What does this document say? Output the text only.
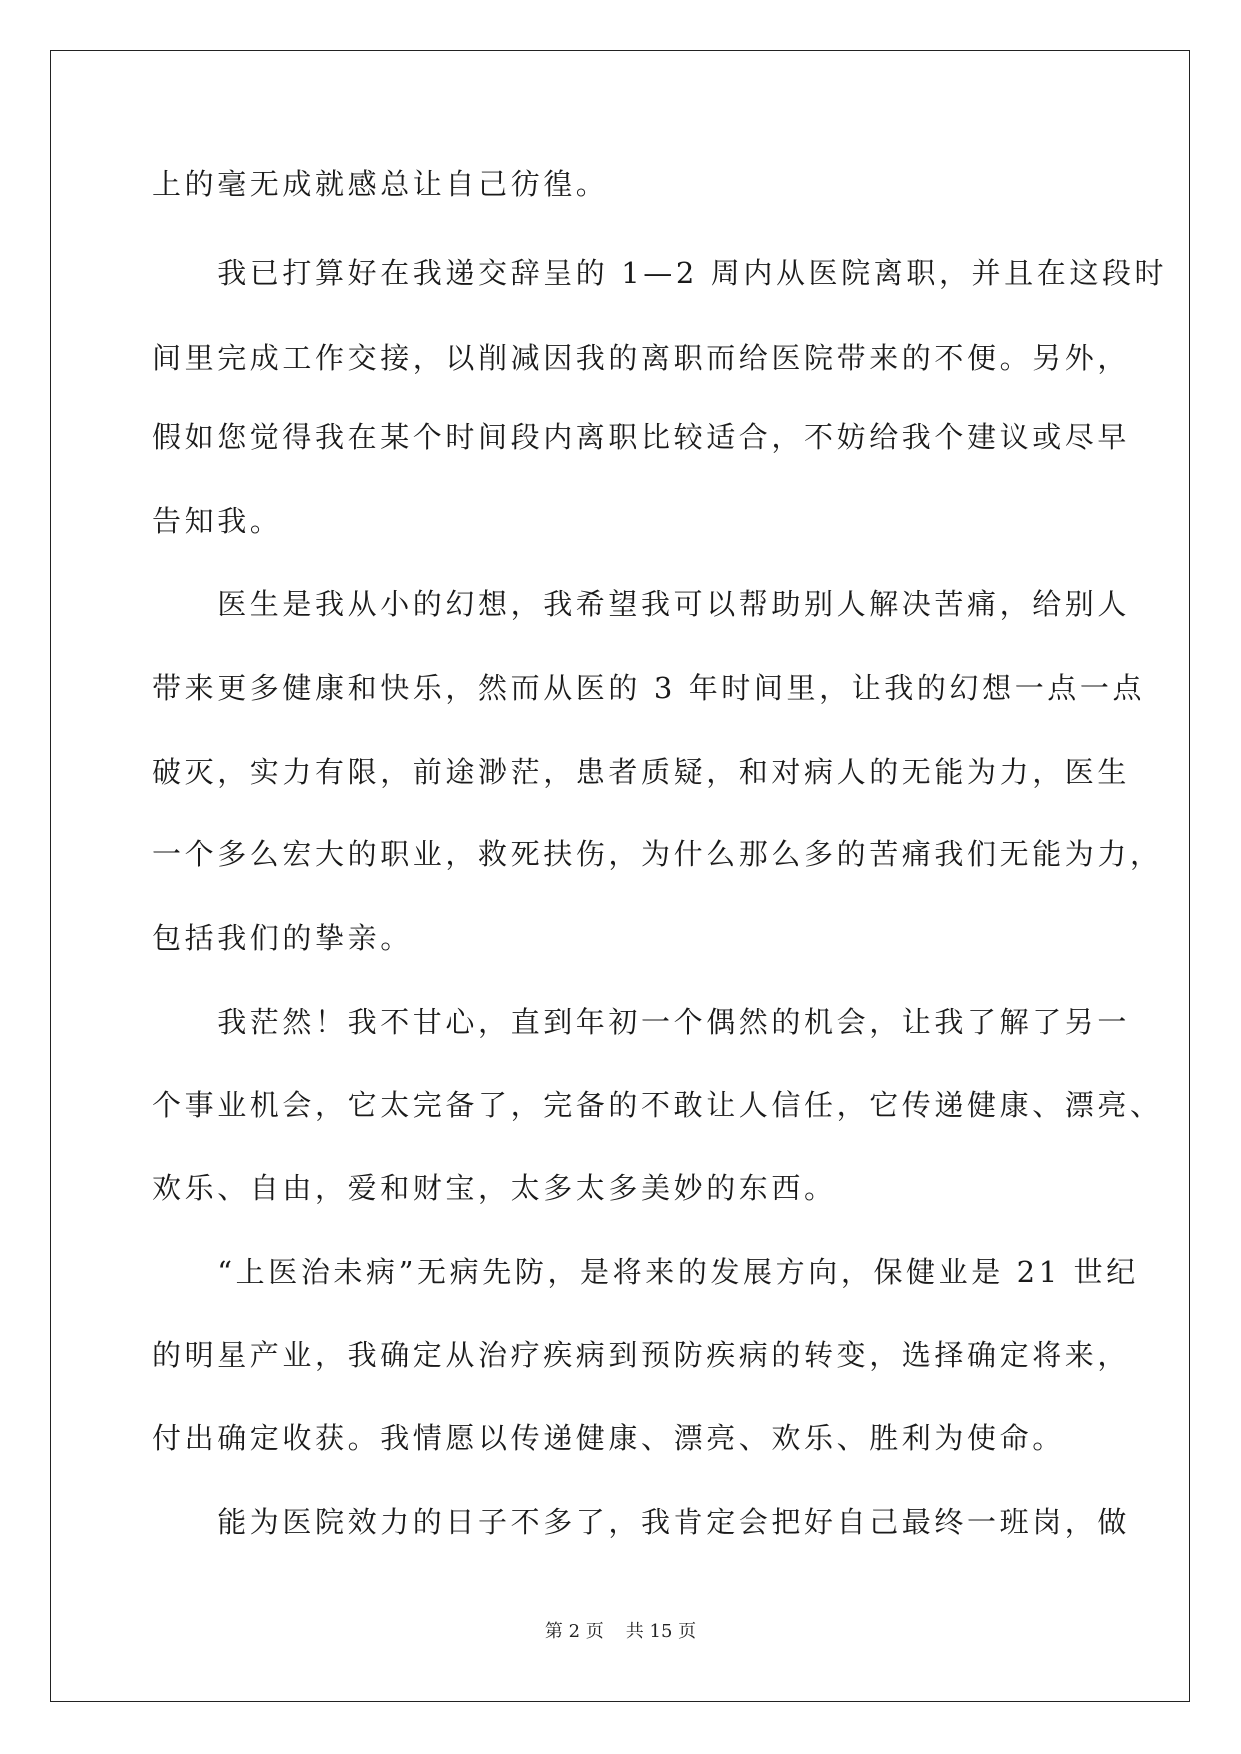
上的毫无成就感总让自己彷徨。
　　我已打算好在我递交辞呈的 1—2 周内从医院离职，并且在这段时
间里完成工作交接，以削减因我的离职而给医院带来的不便。另外，
假如您觉得我在某个时间段内离职比较适合，不妨给我个建议或尽早
告知我。
　　医生是我从小的幻想，我希望我可以帮助别人解决苦痛，给别人
带来更多健康和快乐，然而从医的 3 年时间里，让我的幻想一点一点
破灭，实力有限，前途渺茫，患者质疑，和对病人的无能为力，医生
一个多么宏大的职业，救死扶伤，为什么那么多的苦痛我们无能为力，
包括我们的挚亲。
　　我茫然！我不甘心，直到年初一个偶然的机会，让我了解了另一
个事业机会，它太完备了，完备的不敢让人信任，它传递健康、漂亮、
欢乐、自由，爱和财宝，太多太多美妙的东西。
　　“上医治未病”无病先防，是将来的发展方向，保健业是 21 世纪
的明星产业，我确定从治疗疾病到预防疾病的转变，选择确定将来，
付出确定收获。我情愿以传递健康、漂亮、欢乐、胜利为使命。
　　能为医院效力的日子不多了，我肯定会把好自己最终一班岗，做
第 2 页 共 15 页
